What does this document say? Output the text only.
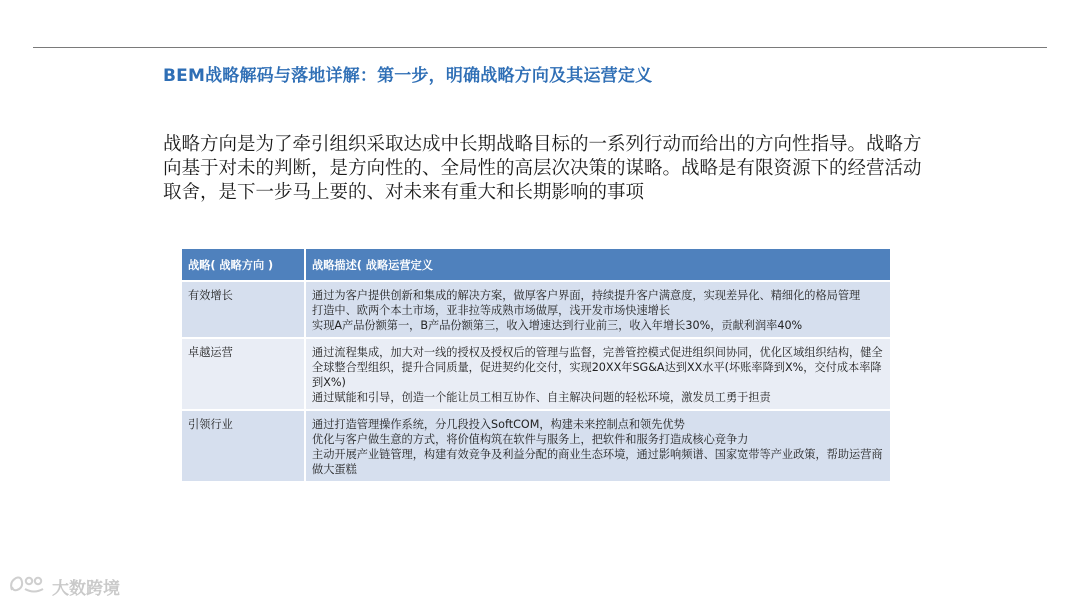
BEM战略解码与落地详解：第一步，明确战略方向及其运营定义
战略方向是为了牵引组织采取达成中长期战略目标的一系列行动而给出的方向性指导。战略方向基于对未的判断，是方向性的、全局性的高层次决策的谋略。战略是有限资源下的经营活动取舍，是下一步马上要的、对未来有重大和长期影响的事项
战略( 战略方向 )	战略描述( 战略运营定义
有效增长	通过为客户提供创新和集成的解决方案，做厚客户界面，持续提升客户满意度，实现差异化、精细化的格局管理
打造中、欧两个本土市场，亚非拉等成熟市场做厚，浅开发市场快速增长
实现A产品份额第一，B产品份额第三，收入增速达到行业前三，收入年增长30%，贡献利润率40%

卓越运营	通过流程集成，加大对一线的授权及授权后的管理与监督，完善管控模式促进组织间协同，优化区域组织结构，健全全球整合型组织，提升合同质量，促进契约化交付，实现20XX年SG&A达到XX水平(坏账率降到X%，交付成本率降到X%)
通过赋能和引导，创造一个能让员工相互协作、自主解决问题的轻松环境，激发员工勇于担责

引领行业	通过打造管理操作系统，分几段投入SoftCOM，构建未来控制点和领先优势
优化与客户做生意的方式，将价值构筑在软件与服务上，把软件和服务打造成核心竞争力
主动开展产业链管理，构建有效竞争及利益分配的商业生态环境，通过影响频谱、国家宽带等产业政策，帮助运营商做大蛋糕
大数跨境
